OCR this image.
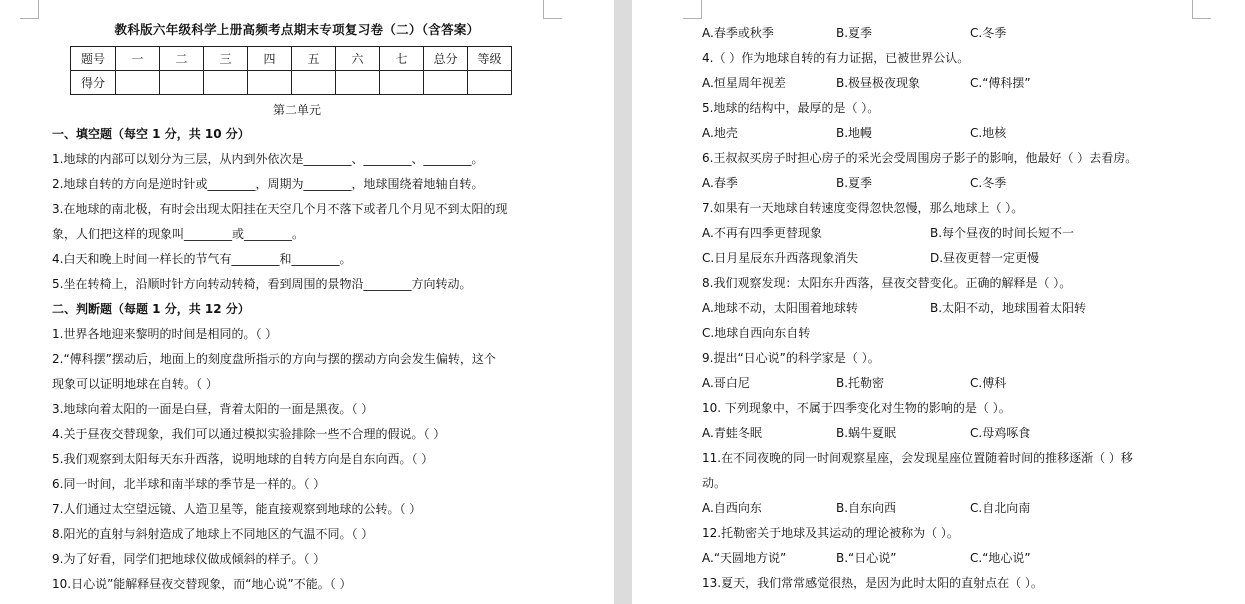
教科版六年级科学上册高频考点期末专项复习卷（二）（含答案）
题号	一	二	三	四	五	六	七	总分	等级
得分									
第二单元
一、填空题（每空 1 分，共 10 分）
1.地球的内部可以划分为三层，从内到外依次是________、________、________。
2.地球自转的方向是逆时针或________，周期为________，地球围绕着地轴自转。
3.在地球的南北极，有时会出现太阳挂在天空几个月不落下或者几个月见不到太阳的现
象，人们把这样的现象叫________或________。
4.白天和晚上时间一样长的节气有________和________。
5.坐在转椅上，沿顺时针方向转动转椅，看到周围的景物沿________方向转动。
二、判断题（每题 1 分，共 12 分）
1.世界各地迎来黎明的时间是相同的。（ ）
2.“傅科摆”摆动后，地面上的刻度盘所指示的方向与摆的摆动方向会发生偏转，这个
现象可以证明地球在自转。（ ）
3.地球向着太阳的一面是白昼，背着太阳的一面是黑夜。（ ）
4.关于昼夜交替现象，我们可以通过模拟实验排除一些不合理的假说。（ ）
5.我们观察到太阳每天东升西落，说明地球的自转方向是自东向西。（ ）
6.同一时间，北半球和南半球的季节是一样的。（ ）
7.人们通过太空望远镜、人造卫星等，能直接观察到地球的公转。（ ）
8.阳光的直射与斜射造成了地球上不同地区的气温不同。（ ）
9.为了好看，同学们把地球仪做成倾斜的样子。（ ）
10.日心说”能解释昼夜交替现象，而“地心说”不能。（ ）
A.春季或秋季	B.夏季	C.冬季
4.（ ）作为地球自转的有力证据，已被世界公认。
A.恒星周年视差	B.极昼极夜现象	C.“傅科摆”
5.地球的结构中，最厚的是（ ）。
A.地壳	B.地幔	C.地核
6.王叔叔买房子时担心房子的采光会受周围房子影子的影响，他最好（ ）去看房。
A.春季	B.夏季	C.冬季
7.如果有一天地球自转速度变得忽快忽慢，那么地球上（ ）。
A.不再有四季更替现象	B.每个昼夜的时间长短不一
C.日月星辰东升西落现象消失	D.昼夜更替一定更慢
8.我们观察发现：太阳东升西落，昼夜交替变化。正确的解释是（ ）。
A.地球不动，太阳围着地球转	B.太阳不动，地球围着太阳转
C.地球自西向东自转
9.提出“日心说”的科学家是（ ）。
A.哥白尼	B.托勒密	C.傅科
10. 下列现象中，不属于四季变化对生物的影响的是（ ）。
A.青蛙冬眠	B.蜗牛夏眠	C.母鸡啄食
11.在不同夜晚的同一时间观察星座，会发现星座位置随着时间的推移逐渐（ ）移
动。
A.自西向东	B.自东向西	C.自北向南
12.托勒密关于地球及其运动的理论被称为（ ）。
A.“天圆地方说”	B.“日心说”	C.“地心说”
13.夏天，我们常常感觉很热，是因为此时太阳的直射点在（ ）。
